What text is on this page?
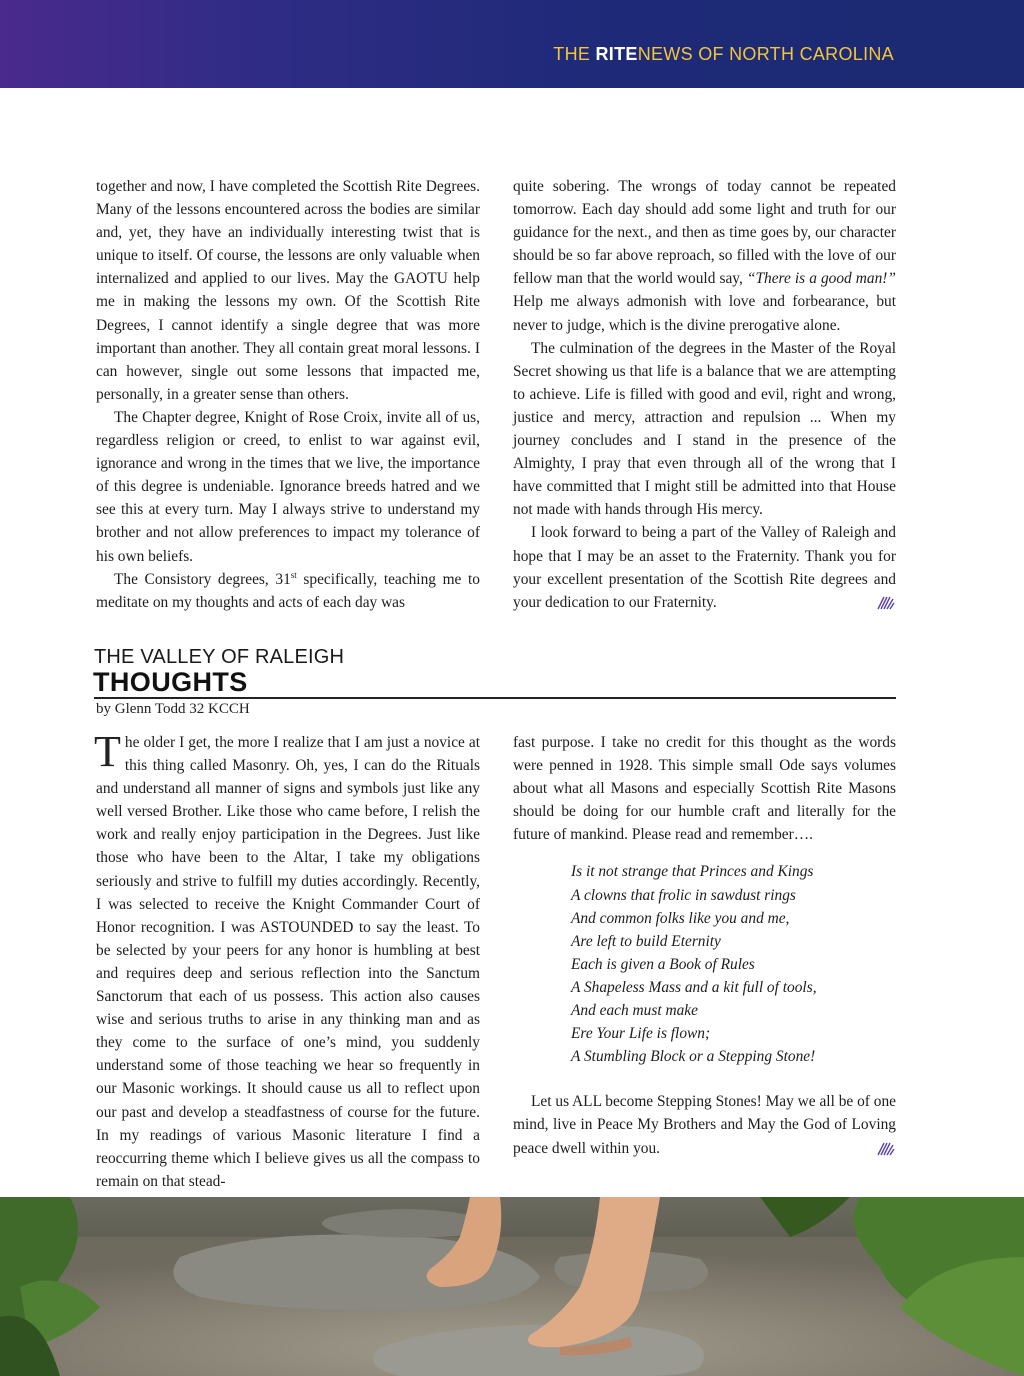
THE RITENEWS OF NORTH CAROLINA

together and now, I have completed the Scottish Rite Degrees. Many of the lessons encountered across the bodies are similar and, yet, they have an individually interesting twist that is unique to itself. Of course, the lessons are only valuable when internalized and applied to our lives. May the GAOTU help me in making the lessons my own. Of the Scottish Rite Degrees, I cannot identify a single degree that was more important than another. They all contain great moral lessons. I can however, single out some lessons that impacted me, personally, in a greater sense than others.

The Chapter degree, Knight of Rose Croix, invite all of us, regardless religion or creed, to enlist to war against evil, ignorance and wrong in the times that we live, the importance of this degree is undeniable. Ignorance breeds hatred and we see this at every turn. May I always strive to understand my brother and not allow preferences to impact my tolerance of his own beliefs.

The Consistory degrees, 31st specifically, teaching me to meditate on my thoughts and acts of each day was

quite sobering. The wrongs of today cannot be repeated tomorrow. Each day should add some light and truth for our guidance for the next., and then as time goes by, our character should be so far above reproach, so filled with the love of our fellow man that the world would say, “There is a good man!” Help me always admonish with love and forbearance, but never to judge, which is the divine prerogative alone.

The culmination of the degrees in the Master of the Royal Secret showing us that life is a balance that we are attempting to achieve. Life is filled with good and evil, right and wrong, justice and mercy, attraction and repulsion ... When my journey concludes and I stand in the presence of the Almighty, I pray that even through all of the wrong that I have committed that I might still be admitted into that House not made with hands through His mercy.

I look forward to being a part of the Valley of Raleigh and hope that I may be an asset to the Fraternity. Thank you for your excellent presentation of the Scottish Rite degrees and your dedication to our Fraternity.

THE VALLEY OF RALEIGH
THOUGHTS
by Glenn Todd 32 KCCH

The older I get, the more I realize that I am just a novice at this thing called Masonry. Oh, yes, I can do the Rituals and understand all manner of signs and symbols just like any well versed Brother. Like those who came before, I relish the work and really enjoy participation in the Degrees. Just like those who have been to the Altar, I take my obligations seriously and strive to fulfill my duties accordingly. Recently, I was selected to receive the Knight Commander Court of Honor recognition. I was ASTOUNDED to say the least. To be selected by your peers for any honor is humbling at best and requires deep and serious reflection into the Sanctum Sanctorum that each of us possess. This action also causes wise and serious truths to arise in any thinking man and as they come to the surface of one’s mind, you suddenly understand some of those teaching we hear so frequently in our Masonic workings. It should cause us all to reflect upon our past and develop a steadfastness of course for the future. In my readings of various Masonic literature I find a reoccurring theme which I believe gives us all the compass to remain on that stead-

fast purpose. I take no credit for this thought as the words were penned in 1928. This simple small Ode says volumes about what all Masons and especially Scottish Rite Masons should be doing for our humble craft and literally for the future of mankind. Please read and remember….

Is it not strange that Princes and Kings
A clowns that frolic in sawdust rings
And common folks like you and me,
Are left to build Eternity
Each is given a Book of Rules
A Shapeless Mass and a kit full of tools,
And each must make
Ere Your Life is flown;
A Stumbling Block or a Stepping Stone!

Let us ALL become Stepping Stones! May we all be of one mind, live in Peace My Brothers and May the God of Loving peace dwell within you.
